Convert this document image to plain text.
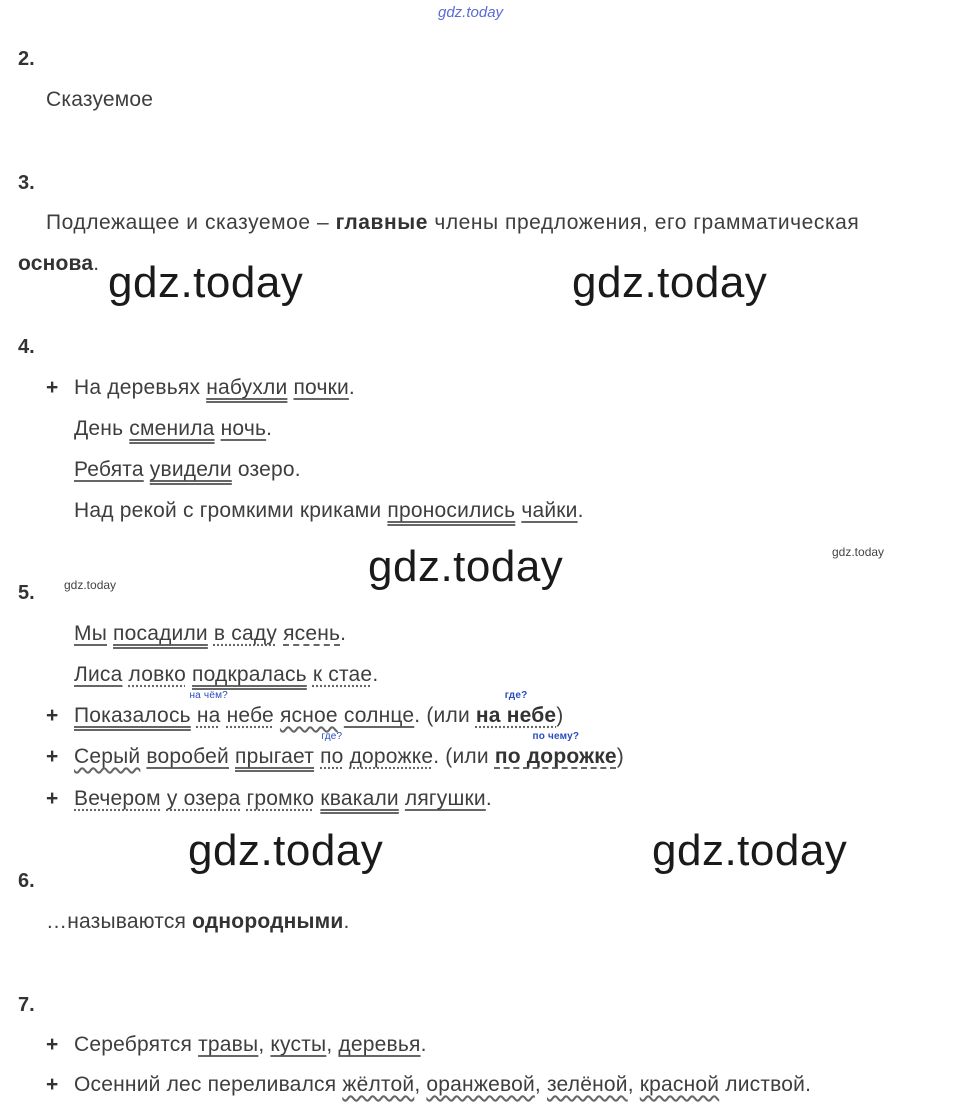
gdz.today
2.
Сказуемое
3.
Подлежащее и сказуемое – главные члены предложения, его грамматическая
основа. gdz.today	gdz.today
4.
+ На деревьях набухли почки.
День сменила ночь.
Ребята увидели озеро.
Над рекой с громкими криками проносились чайки.
gdz.today	gdz.today
gdz.today
5.
Мы посадили в саду ясень.
Лиса ловко подкралась к стае.
+ Показалось на
на чём?
небе ясное солнце. (или на небе
где?
)
+ Серый воробей прыгает по
где?
дорожке. (или по дорожке
по чему?
)
+ Вечером у озера громко квакали лягушки.
gdz.today	gdz.today
6.
…называются однородными.
7.
+ Серебрятся травы, кусты, деревья.
+ Осенний лес переливался жёлтой, оранжевой, зелёной, красной листвой.
